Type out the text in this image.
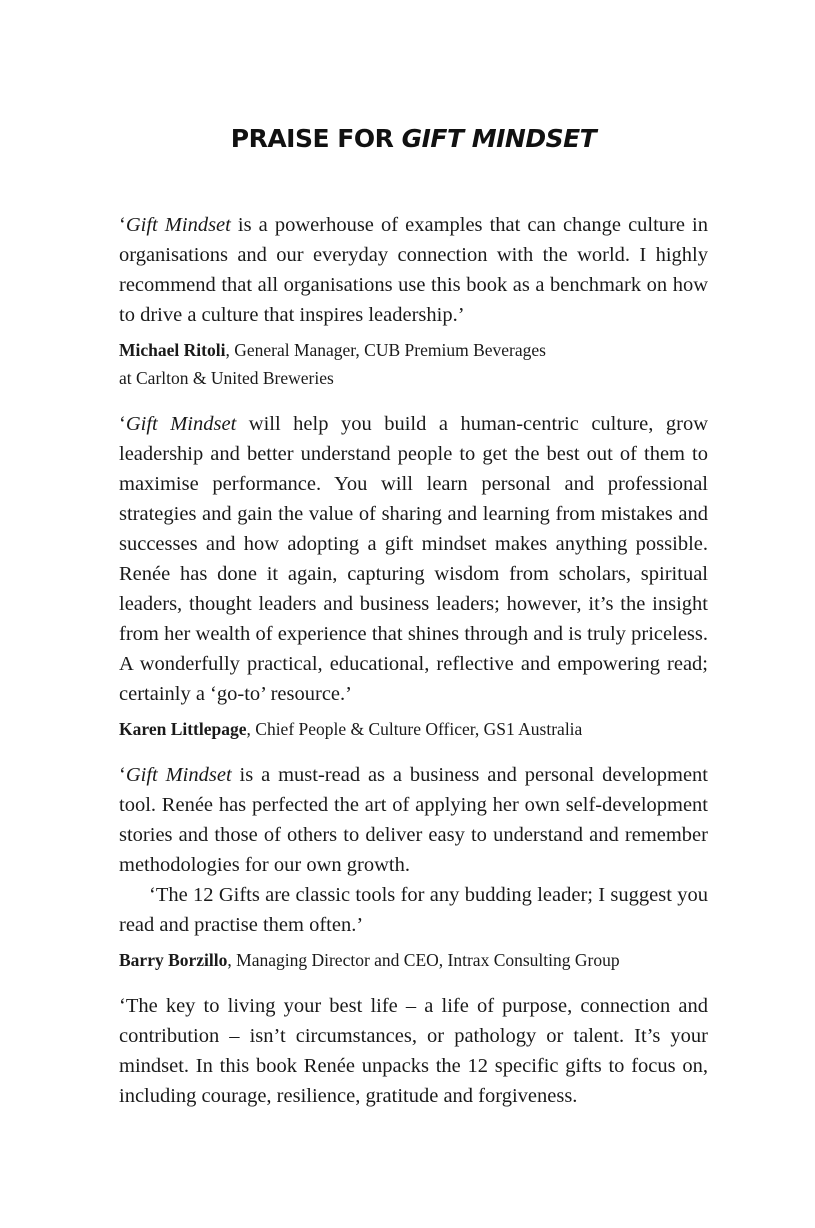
PRAISE FOR GIFT MINDSET

‘Gift Mindset is a powerhouse of examples that can change culture in organisations and our everyday connection with the world. I highly recommend that all organisations use this book as a benchmark on how to drive a culture that inspires leadership.’

Michael Ritoli, General Manager, CUB Premium Beverages
at Carlton & United Breweries

‘Gift Mindset will help you build a human-centric culture, grow leadership and better understand people to get the best out of them to maximise performance. You will learn personal and professional strategies and gain the value of sharing and learning from mistakes and successes and how adopting a gift mindset makes anything possible. Renée has done it again, capturing wisdom from scholars, spiritual leaders, thought leaders and business leaders; however, it’s the insight from her wealth of experience that shines through and is truly priceless. A wonderfully practical, educational, reflective and empowering read; certainly a ‘go-to’ resource.’

Karen Littlepage, Chief People & Culture Officer, GS1 Australia

‘Gift Mindset is a must-read as a business and personal development tool. Renée has perfected the art of applying her own self-development stories and those of others to deliver easy to understand and remember methodologies for our own growth.

‘The 12 Gifts are classic tools for any budding leader; I suggest you read and practise them often.’

Barry Borzillo, Managing Director and CEO, Intrax Consulting Group

‘The key to living your best life – a life of purpose, connection and contribution – isn’t circumstances, or pathology or talent. It’s your mindset. In this book Renée unpacks the 12 specific gifts to focus on, including courage, resilience, gratitude and forgiveness.
